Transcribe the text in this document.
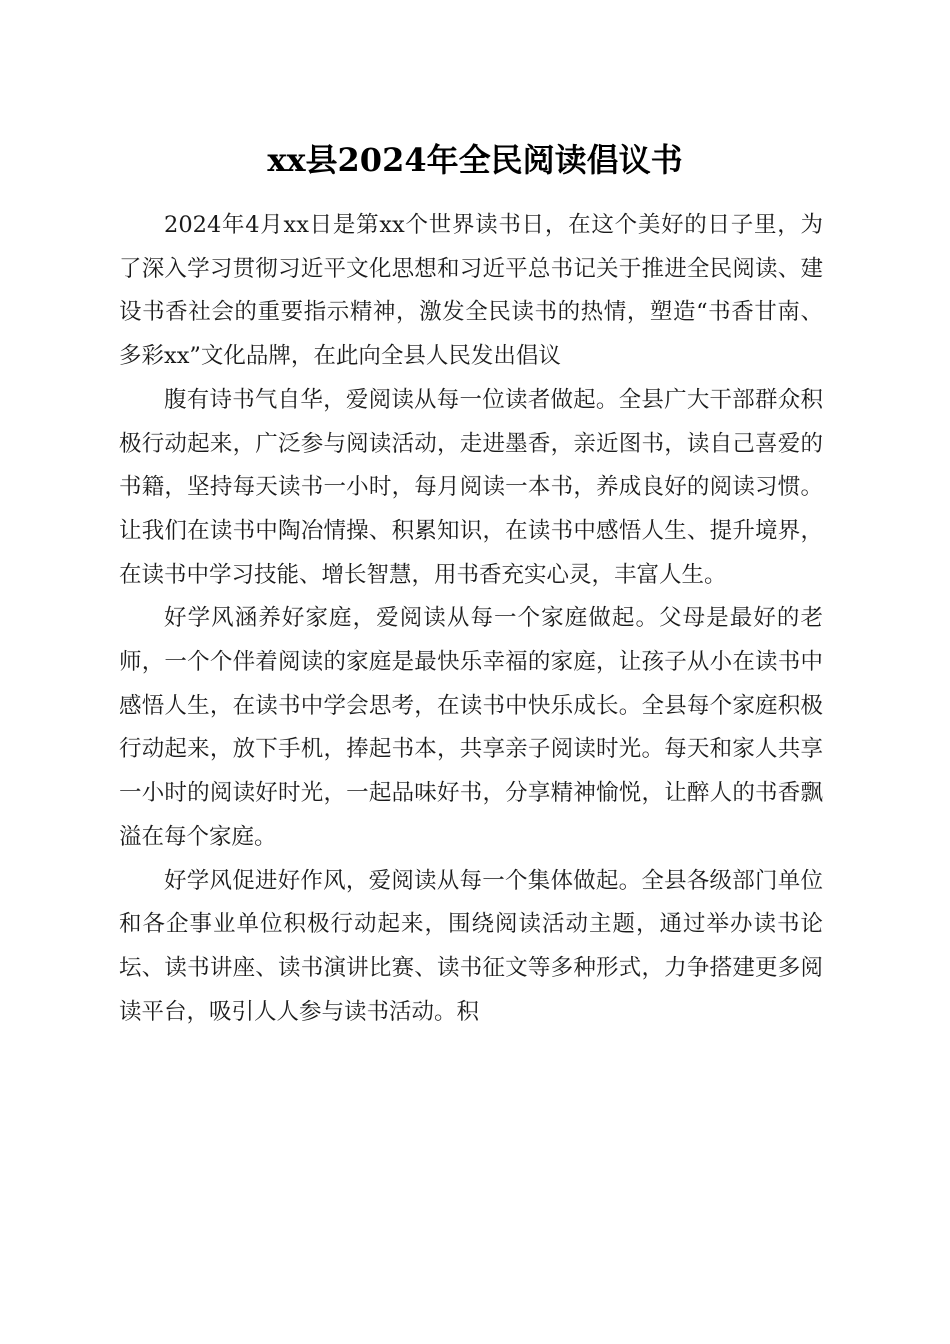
xx县2024年全民阅读倡议书

2024年4月xx日是第xx个世界读书日，在这个美好的日子里，为了深入学习贯彻习近平文化思想和习近平总书记关于推进全民阅读、建设书香社会的重要指示精神，激发全民读书的热情，塑造“书香甘南、多彩xx”文化品牌，在此向全县人民发出倡议

腹有诗书气自华，爱阅读从每一位读者做起。全县广大干部群众积极行动起来，广泛参与阅读活动，走进墨香，亲近图书，读自己喜爱的书籍，坚持每天读书一小时，每月阅读一本书，养成良好的阅读习惯。让我们在读书中陶冶情操、积累知识，在读书中感悟人生、提升境界，在读书中学习技能、增长智慧，用书香充实心灵，丰富人生。

好学风涵养好家庭，爱阅读从每一个家庭做起。父母是最好的老师，一个个伴着阅读的家庭是最快乐幸福的家庭，让孩子从小在读书中感悟人生，在读书中学会思考，在读书中快乐成长。全县每个家庭积极行动起来，放下手机，捧起书本，共享亲子阅读时光。每天和家人共享一小时的阅读好时光，一起品味好书，分享精神愉悦，让醉人的书香飘溢在每个家庭。

好学风促进好作风，爱阅读从每一个集体做起。全县各级部门单位和各企事业单位积极行动起来，围绕阅读活动主题，通过举办读书论坛、读书讲座、读书演讲比赛、读书征文等多种形式，力争搭建更多阅读平台，吸引人人参与读书活动。积
